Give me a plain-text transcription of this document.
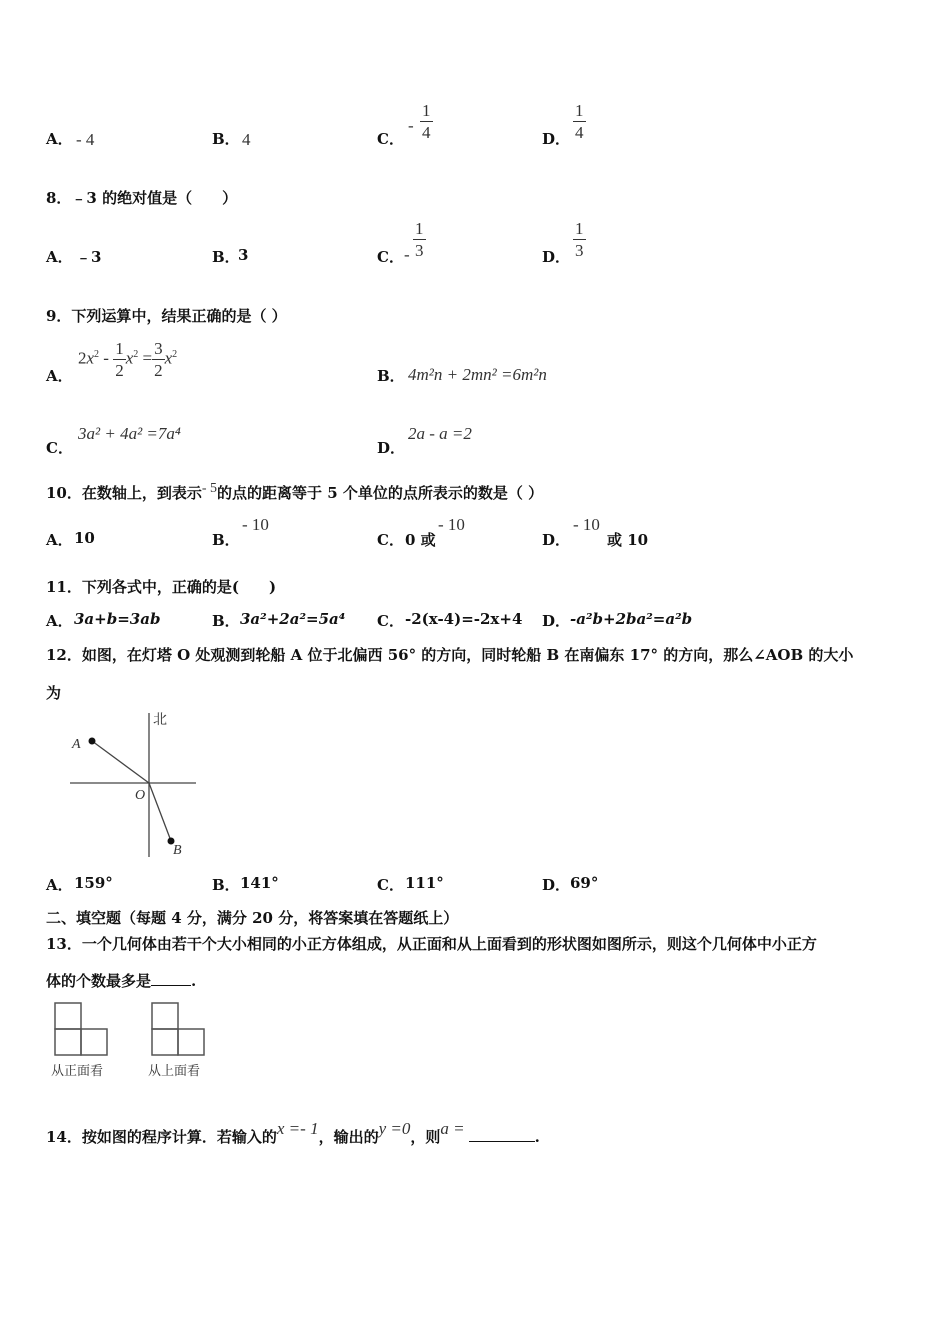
A． - 4	B． 4	C．
- $\frac{1}{4}$	D． $\frac{1}{4}$
8．﹣3 的绝对值是（　　）
A． ﹣3	B．
3	C． - $\frac{1}{3}$	D． $\frac{1}{3}$
9．下列运算中，结果正确的是（ ）
A．
$2x^2 - \frac{1}{2} x^2 = \frac{3}{2} x^2$
B． 4m²n + 2mn² =6m²n
C．
3a² + 4a² =7a⁴
D．
2a - a =2
10．在数轴上，到表示- 5的点的距离等于 5 个单位的点所表示的数是（ ）
A． 10	B．
- 10
C． 0 或
- 10
D．
- 10
或 10
11．下列各式中，正确的是(　　)
A． 3a+b=3ab	B． 3a²+2a²=5a⁴ C． -2(x-4)=-2x+4 D． -a²b+2ba²=a²b
12．如图，在灯塔 O 处观测到轮船 A 位于北偏西 56° 的方向，同时轮船 B 在南偏东 17° 的方向，那么∠AOB 的大小
为
北
A
O
B
A． 159°	B． 141°	C． 111°	D． 69°
二、填空题（每题 4 分，满分 20 分，将答案填在答题纸上）
13．一个几何体由若干个大小相同的小正方体组成，从正面和从上面看到的形状图如图所示，则这个几何体中小正方
体的个数最多是	.
从正面看	从上面看
14．按如图的程序计算．若输入的x =- 1，输出的y =0，则a =	.
